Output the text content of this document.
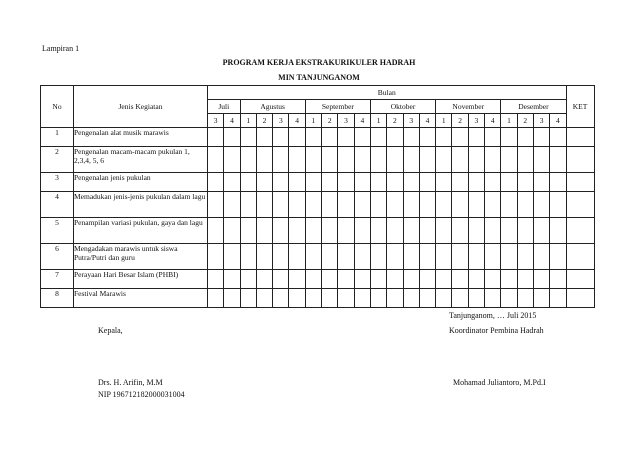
Lampiran 1
PROGRAM KERJA EKSTRAKURIKULER HADRAH
MIN TANJUNGANOM
No	Jenis Kegiatan	Bulan																						KET
		Juli		Agustus				September				Oktober				November				Desember				
		3	4	1	2	3	4	1	2	3	4	1	2	3	4	1	2	3	4	1	2	3	4	
1	Pengenalan alat musik marawis																							
2	Pengenalan macam-macam pukulan 1, 2,3,4, 5, 6																							
3	Pengenalan jenis pukulan																							
4	Memadukan jenis-jenis pukulan dalam lagu																							
5	Penampilan variasi pukulan, gaya dan lagu																							
6	Mengadakan marawis untuk siswa Putra/Putri dan guru																							
7	Perayaan Hari Besar Islam (PHBI)																							
8	Festival Marawis																							
Tanjunganom, … Juli 2015
Kepala,	Koordinator Pembina Hadrah
Drs. H. Arifin, M.M
NIP 196712182000031004
Mohamad Juliantoro, M.Pd.I
